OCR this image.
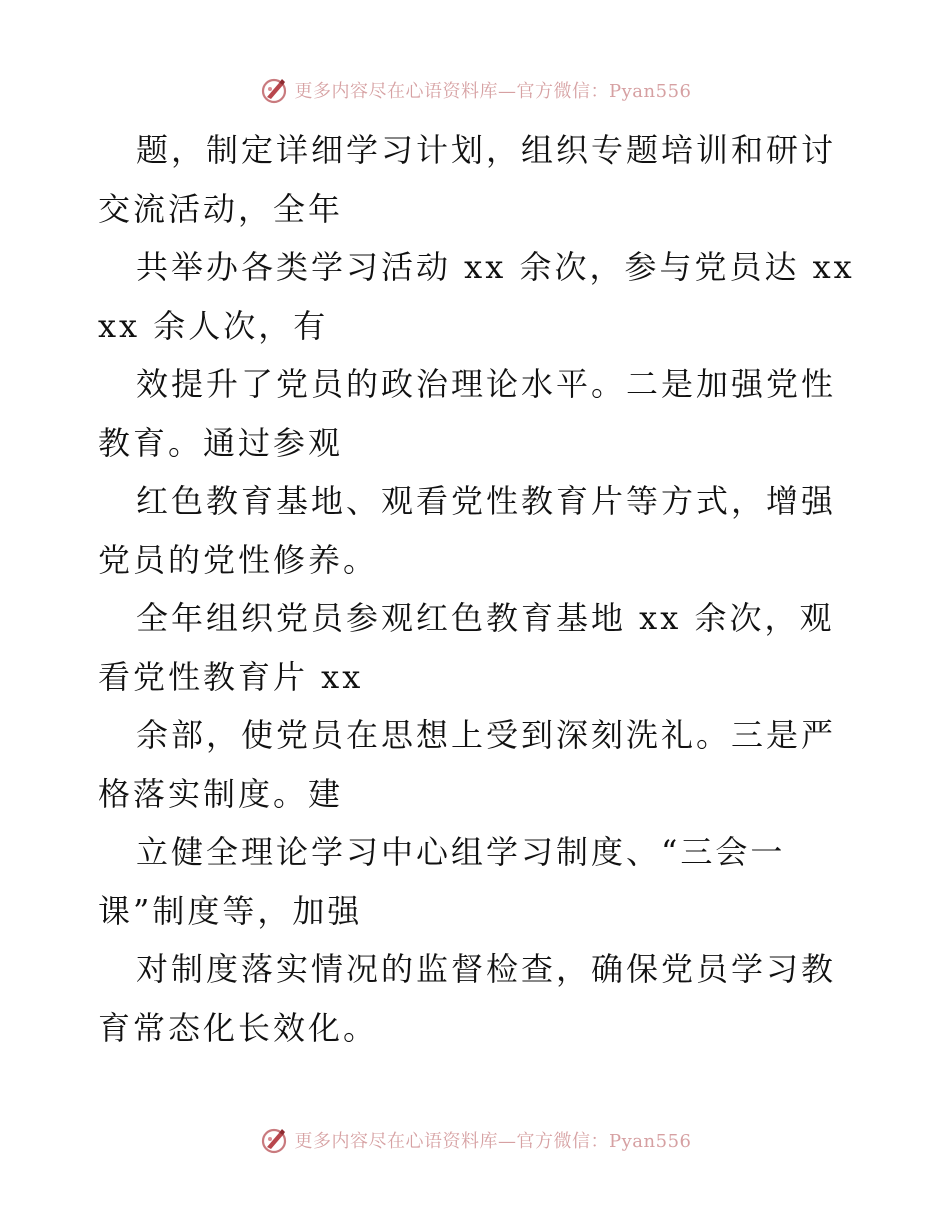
更多内容尽在心语资料库—官方微信：Pyan556

题，制定详细学习计划，组织专题培训和研讨交流活动，全年

共举办各类学习活动 xx 余次，参与党员达 xxxx 余人次，有

效提升了党员的政治理论水平。二是加强党性教育。通过参观

红色教育基地、观看党性教育片等方式，增强党员的党性修养。

全年组织党员参观红色教育基地 xx 余次，观看党性教育片 xx

余部，使党员在思想上受到深刻洗礼。三是严格落实制度。建

立健全理论学习中心组学习制度、“三会一课”制度等，加强

对制度落实情况的监督检查，确保党员学习教育常态化长效化。

更多内容尽在心语资料库—官方微信：Pyan556
